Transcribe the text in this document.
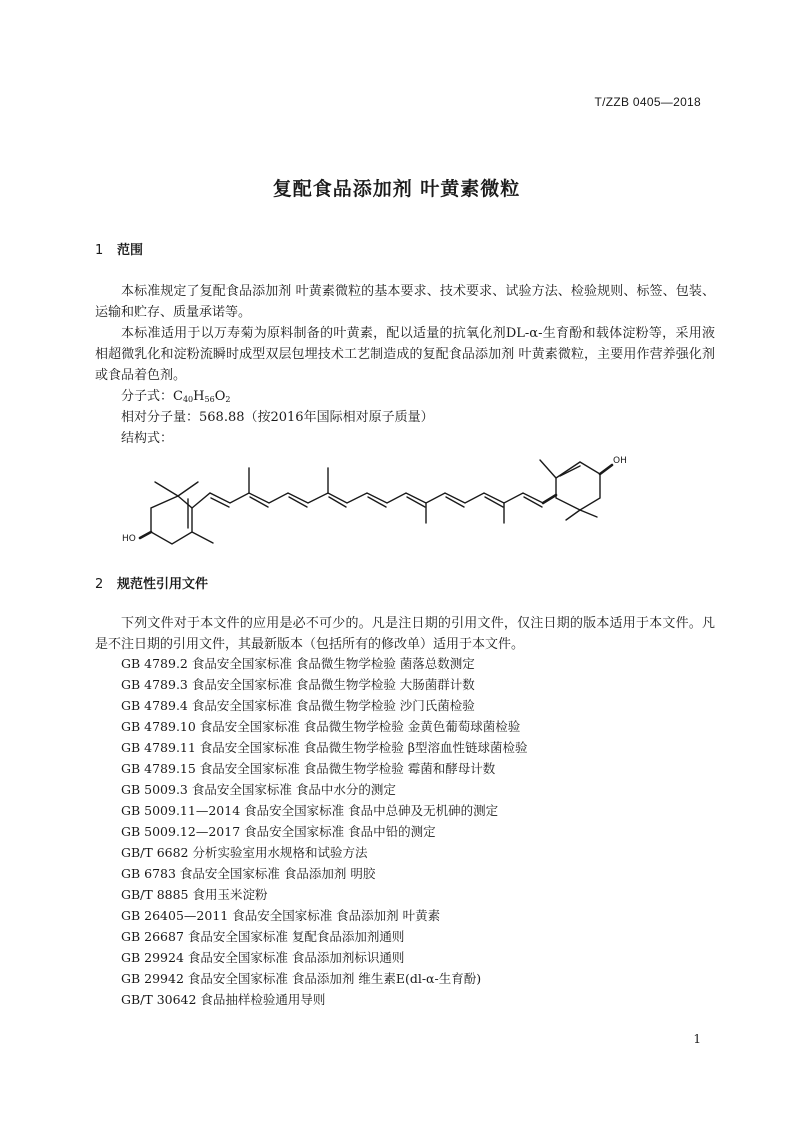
T/ZZB 0405—2018
复配食品添加剂 叶黄素微粒
1 范围
本标准规定了复配食品添加剂 叶黄素微粒的基本要求、技术要求、试验方法、检验规则、标签、包装、运输和贮存、质量承诺等。
本标准适用于以万寿菊为原料制备的叶黄素，配以适量的抗氧化剂DL-α-生育酚和载体淀粉等，采用液相超微乳化和淀粉流瞬时成型双层包埋技术工艺制造成的复配食品添加剂 叶黄素微粒，主要用作营养强化剂或食品着色剂。
分子式：$C_{40}H_{56}O_2$
相对分子量：568.88（按2016年国际相对原子质量）
结构式：
OH
HO
2 规范性引用文件
下列文件对于本文件的应用是必不可少的。凡是注日期的引用文件，仅注日期的版本适用于本文件。凡是不注日期的引用文件，其最新版本（包括所有的修改单）适用于本文件。
GB 4789.2 食品安全国家标准 食品微生物学检验 菌落总数测定
GB 4789.3 食品安全国家标准 食品微生物学检验 大肠菌群计数
GB 4789.4 食品安全国家标准 食品微生物学检验 沙门氏菌检验
GB 4789.10 食品安全国家标准 食品微生物学检验 金黄色葡萄球菌检验
GB 4789.11 食品安全国家标准 食品微生物学检验 β型溶血性链球菌检验
GB 4789.15 食品安全国家标准 食品微生物学检验 霉菌和酵母计数
GB 5009.3 食品安全国家标准 食品中水分的测定
GB 5009.11—2014 食品安全国家标准 食品中总砷及无机砷的测定
GB 5009.12—2017 食品安全国家标准 食品中铅的测定
GB/T 6682 分析实验室用水规格和试验方法
GB 6783 食品安全国家标准 食品添加剂 明胶
GB/T 8885 食用玉米淀粉
GB 26405—2011 食品安全国家标准 食品添加剂 叶黄素
GB 26687 食品安全国家标准 复配食品添加剂通则
GB 29924 食品安全国家标准 食品添加剂标识通则
GB 29942 食品安全国家标准 食品添加剂 维生素E(dl-α-生育酚)
GB/T 30642 食品抽样检验通用导则
1
